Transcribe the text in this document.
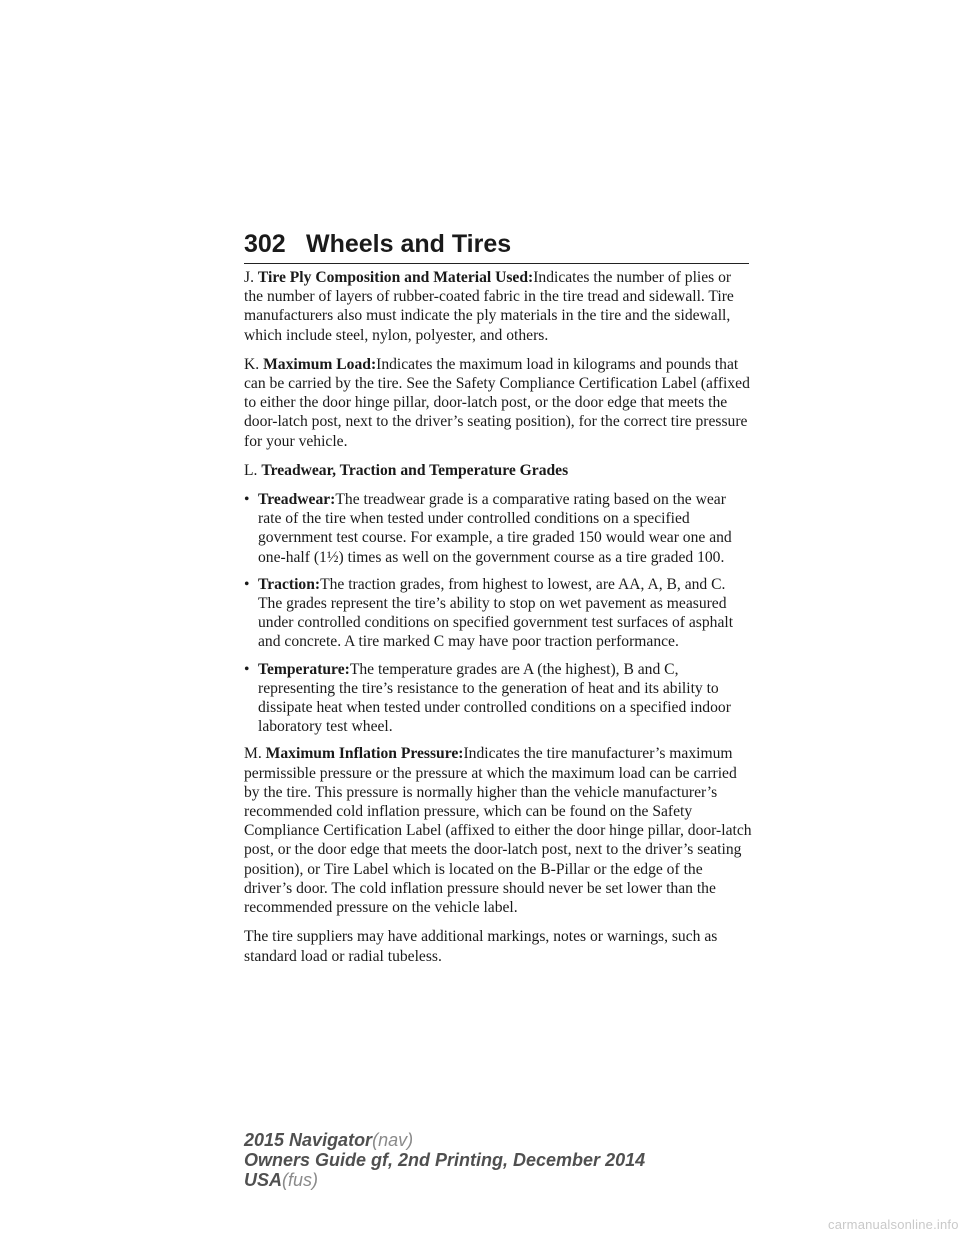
302 Wheels and Tires

J. Tire Ply Composition and Material Used:Indicates the number of plies or the number of layers of rubber-coated fabric in the tire tread and sidewall. Tire manufacturers also must indicate the ply materials in the tire and the sidewall, which include steel, nylon, polyester, and others.

K. Maximum Load:Indicates the maximum load in kilograms and pounds that can be carried by the tire. See the Safety Compliance Certification Label (affixed to either the door hinge pillar, door-latch post, or the door edge that meets the door-latch post, next to the driver’s seating position), for the correct tire pressure for your vehicle.

L. Treadwear, Traction and Temperature Grades

• Treadwear:The treadwear grade is a comparative rating based on the wear rate of the tire when tested under controlled conditions on a specified government test course. For example, a tire graded 150 would wear one and one-half (1½) times as well on the government course as a tire graded 100.
• Traction:The traction grades, from highest to lowest, are AA, A, B, and C. The grades represent the tire’s ability to stop on wet pavement as measured under controlled conditions on specified government test surfaces of asphalt and concrete. A tire marked C may have poor traction performance.
• Temperature:The temperature grades are A (the highest), B and C, representing the tire’s resistance to the generation of heat and its ability to dissipate heat when tested under controlled conditions on a specified indoor laboratory test wheel.

M. Maximum Inflation Pressure:Indicates the tire manufacturer’s maximum permissible pressure or the pressure at which the maximum load can be carried by the tire. This pressure is normally higher than the vehicle manufacturer’s recommended cold inflation pressure, which can be found on the Safety Compliance Certification Label (affixed to either the door hinge pillar, door-latch post, or the door edge that meets the door-latch post, next to the driver’s seating position), or Tire Label which is located on the B-Pillar or the edge of the driver’s door. The cold inflation pressure should never be set lower than the recommended pressure on the vehicle label.

The tire suppliers may have additional markings, notes or warnings, such as standard load or radial tubeless.

2015 Navigator(nav)
Owners Guide gf, 2nd Printing, December 2014
USA(fus)
carmanualsonline.info
